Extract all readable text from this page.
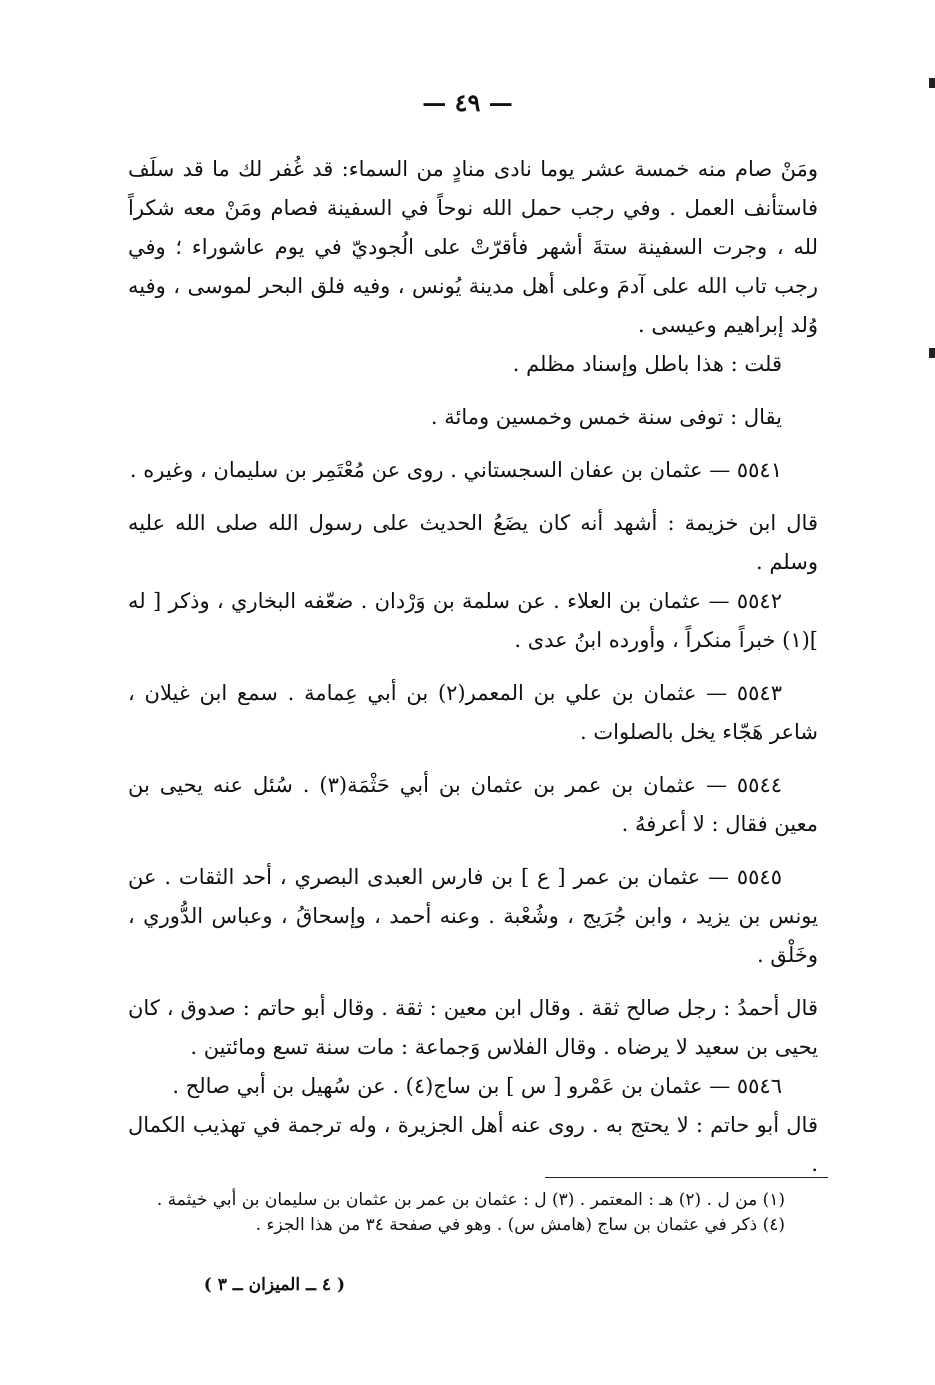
— ٤٩ —

ومَنْ صام منه خمسة عشر يوما نادى منادٍ من السماء: قد غُفر لك ما قد سلَف فاستأنف العمل . وفي رجب حمل الله نوحاً في السفينة فصام ومَنْ معه شكراً لله ، وجرت السفينة ستةَ أشهر فأقرّتْ على الُجوديّ في يوم عاشوراء ؛ وفي رجب تاب الله على آدمَ وعلى أهل مدينة يُونس ، وفيه فلق البحر لموسى ، وفيه وُلد إبراهيم وعيسى .

قلت : هذا باطل وإسناد مظلم .

يقال : توفى سنة خمس وخمسين ومائة .

٥٥٤١ — عثمان بن عفان السجستاني . روى عن مُعْتَمِر بن سليمان ، وغيره .

قال ابن خزيمة : أشهد أنه كان يضَعُ الحديث على رسول الله صلى الله عليه وسلم .

٥٥٤٢ — عثمان بن العلاء . عن سلمة بن وَرْدان . ضعّفه البخاري ، وذكر [ له ](١) خبراً منكراً ، وأورده ابنُ عدى .

٥٥٤٣ — عثمان بن علي بن المعمر(٢) بن أبي عِمامة . سمع ابن غيلان ، شاعر هَجّاء يخل بالصلوات .

٥٥٤٤ — عثمان بن عمر بن عثمان بن أبي حَثْمَة(٣) . سُئل عنه يحيى بن معين فقال : لا أعرفهُ .

٥٥٤٥ — عثمان بن عمر [ ع ] بن فارس العبدى البصري ، أحد الثقات . عن يونس بن يزيد ، وابن جُرَيج ، وشُعْبة . وعنه أحمد ، وإسحاقُ ، وعباس الدُّوري ، وخَلْق .

قال أحمدُ : رجل صالح ثقة . وقال ابن معين : ثقة . وقال أبو حاتم : صدوق ، كان يحيى بن سعيد لا يرضاه . وقال الفلاس وَجماعة : مات سنة تسع ومائتين .

٥٥٤٦ — عثمان بن عَمْرو [ س ] بن ساج(٤) . عن سُهيل بن أبي صالح .

قال أبو حاتم : لا يحتج به . روى عنه أهل الجزيرة ، وله ترجمة في تهذيب الكمال .

(١) من ل . (٢) هـ : المعتمر . (٣) ل : عثمان بن عمر بن عثمان بن سليمان بن أبي خيثمة .

(٤) ذكر في عثمان بن ساج (هامش س) . وهو في صفحة ٣٤ من هذا الجزء .

( ٤ ــ الميزان ــ ٣ )
